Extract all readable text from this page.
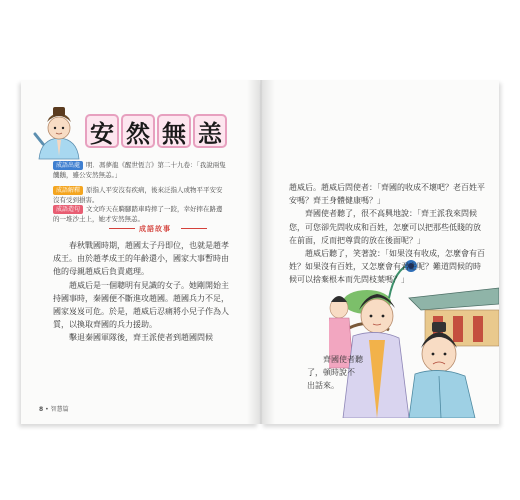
安 然 無 恙
成語出處 明．馮夢龍《醒世恆言》第二十九卷：「我說兩隻饑鵝，雖公安然無恙。」
成語解釋 原指人平安沒有疾病，後來泛指人或物平平安安沒有受到損害。
成語造句 文文昨天在騎腳踏車時摔了一跤，幸好摔在路邊的一堆沙土上，她才安然無恙。
成語故事

春秋戰國時期，趙國太子丹即位，也就是趙孝成王。由於趙孝成王的年齡還小，國家大事暫時由他的母親趙威后負責處理。

趙威后是一個聰明有見識的女子。她剛開始主持國事時，秦國便不斷進攻趙國。趙國兵力不足，國家岌岌可危。於是，趙威后忍痛將小兒子作為人質，以換取齊國的兵力援助。

擊退秦國軍隊後，齊王派使者到趙國問候

8 • 智慧篇

趙威后。趙威后問使者：「齊國的收成不壞吧？老百姓平安嗎？齊王身體健康嗎？」

齊國使者聽了，很不高興地說：「齊王派我來問候您，可您卻先問收成和百姓，怎麼可以把那些低賤的放在前面，反而把尊貴的放在後面呢？」

趙威后聽了，笑著說：「如果沒有收成，怎麼會有百姓？如果沒有百姓，又怎麼會有君主呢？難道問候的時候可以捨棄根本而先問枝葉嗎？」

齊國使者聽

了，頓時說不

出話來。
